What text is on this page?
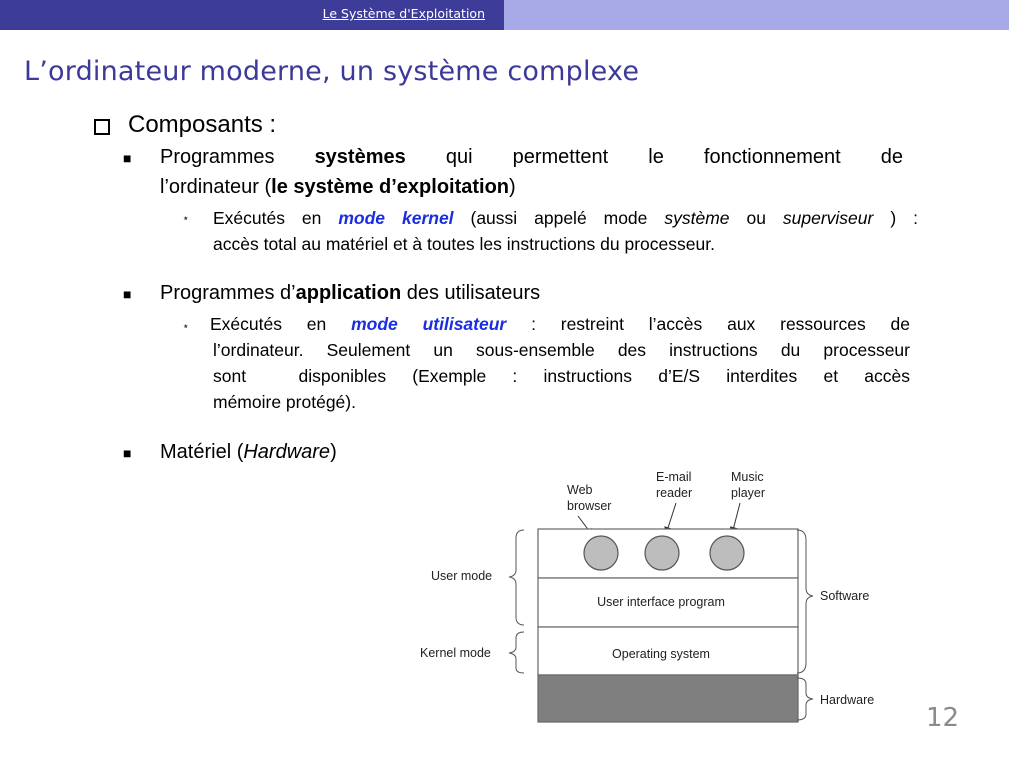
Le Système d'Exploitation
L’ordinateur moderne, un système complexe
Composants :
■ Programmes systèmes qui permettent le fonctionnement de
l’ordinateur (le système d’exploitation)
⋆ Exécutés en mode kernel (aussi appelé mode système ou superviseur ) :
accès total au matériel et à toutes les instructions du processeur.
■ Programmes d’application des utilisateurs
⋆ Exécutés en mode utilisateur : restreint l’accès aux ressources de
l’ordinateur. Seulement un sous-ensemble des instructions du processeur
sont  disponibles (Exemple : instructions d’E/S interdites et accès
mémoire protégé).
■ Matériel (Hardware)
Web
browser
E-mail
reader
Music
player
User interface program
Operating system
User mode
Kernel mode
Software
Hardware
12
